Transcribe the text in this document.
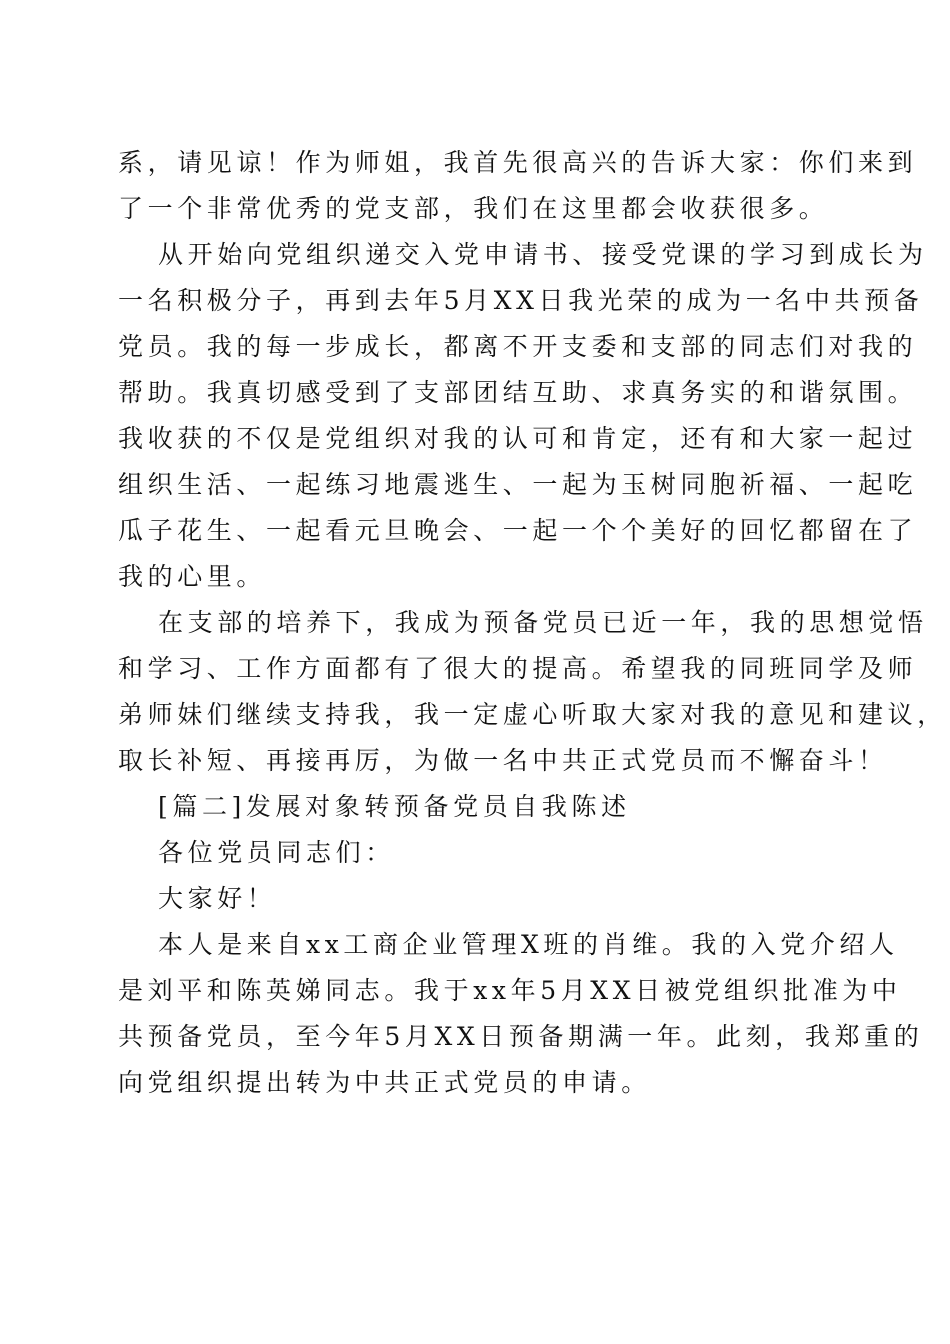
系，请见谅！作为师姐，我首先很高兴的告诉大家：你们来到
了一个非常优秀的党支部，我们在这里都会收获很多。
从开始向党组织递交入党申请书、接受党课的学习到成长为
一名积极分子，再到去年5月XX日我光荣的成为一名中共预备
党员。我的每一步成长，都离不开支委和支部的同志们对我的
帮助。我真切感受到了支部团结互助、求真务实的和谐氛围。
我收获的不仅是党组织对我的认可和肯定，还有和大家一起过
组织生活、一起练习地震逃生、一起为玉树同胞祈福、一起吃
瓜子花生、一起看元旦晚会、一起一个个美好的回忆都留在了
我的心里。
在支部的培养下，我成为预备党员已近一年，我的思想觉悟
和学习、工作方面都有了很大的提高。希望我的同班同学及师
弟师妹们继续支持我，我一定虚心听取大家对我的意见和建议，
取长补短、再接再厉，为做一名中共正式党员而不懈奋斗！
[篇二]发展对象转预备党员自我陈述
各位党员同志们：
大家好！
本人是来自xx工商企业管理X班的肖维。我的入党介绍人
是刘平和陈英娣同志。我于xx年5月XX日被党组织批准为中
共预备党员，至今年5月XX日预备期满一年。此刻，我郑重的
向党组织提出转为中共正式党员的申请。
